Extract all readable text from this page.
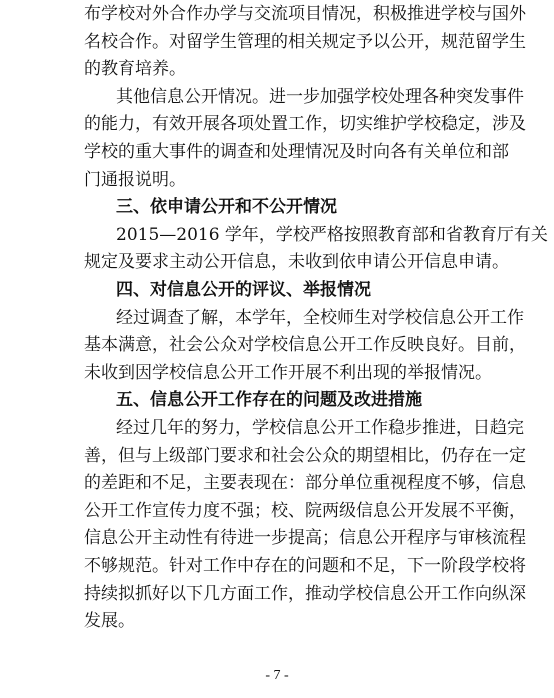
布学校对外合作办学与交流项目情况，积极推进学校与国外
名校合作。对留学生管理的相关规定予以公开，规范留学生
的教育培养。
其他信息公开情况。进一步加强学校处理各种突发事件
的能力，有效开展各项处置工作，切实维护学校稳定，涉及
学校的重大事件的调查和处理情况及时向各有关单位和部
门通报说明。
三、依申请公开和不公开情况
2015—2016 学年，学校严格按照教育部和省教育厅有关
规定及要求主动公开信息，未收到依申请公开信息申请。
四、对信息公开的评议、举报情况
经过调查了解，本学年，全校师生对学校信息公开工作
基本满意，社会公众对学校信息公开工作反映良好。目前，
未收到因学校信息公开工作开展不利出现的举报情况。
五、信息公开工作存在的问题及改进措施
经过几年的努力，学校信息公开工作稳步推进，日趋完
善，但与上级部门要求和社会公众的期望相比，仍存在一定
的差距和不足，主要表现在：部分单位重视程度不够，信息
公开工作宣传力度不强；校、院两级信息公开发展不平衡，
信息公开主动性有待进一步提高；信息公开程序与审核流程
不够规范。针对工作中存在的问题和不足，下一阶段学校将
持续拟抓好以下几方面工作，推动学校信息公开工作向纵深
发展。
- 7 -
